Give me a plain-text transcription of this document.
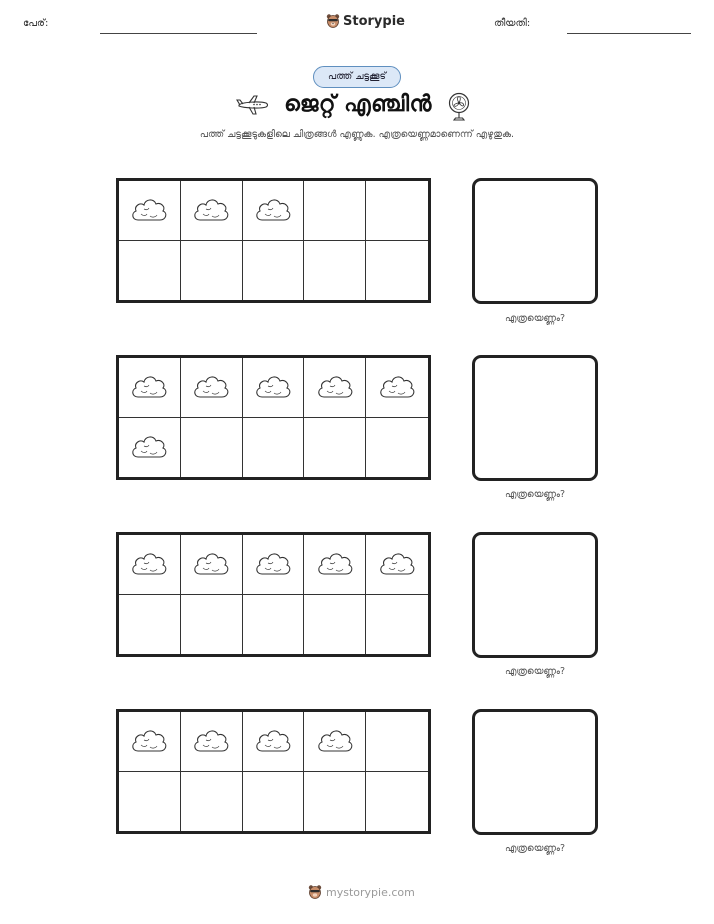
പേര്:	Storypie	തീയതി:
പത്ത് ചട്ടക്കൂട്
ജെറ്റ് എഞ്ചിൻ
പത്ത് ചട്ടക്കൂടുകളിലെ ചിത്രങ്ങൾ എണ്ണുക. എത്രയെണ്ണമാണെന്ന് എഴുതുക.
എത്രയെണ്ണം?
എത്രയെണ്ണം?
എത്രയെണ്ണം?
എത്രയെണ്ണം?
mystorypie.com
